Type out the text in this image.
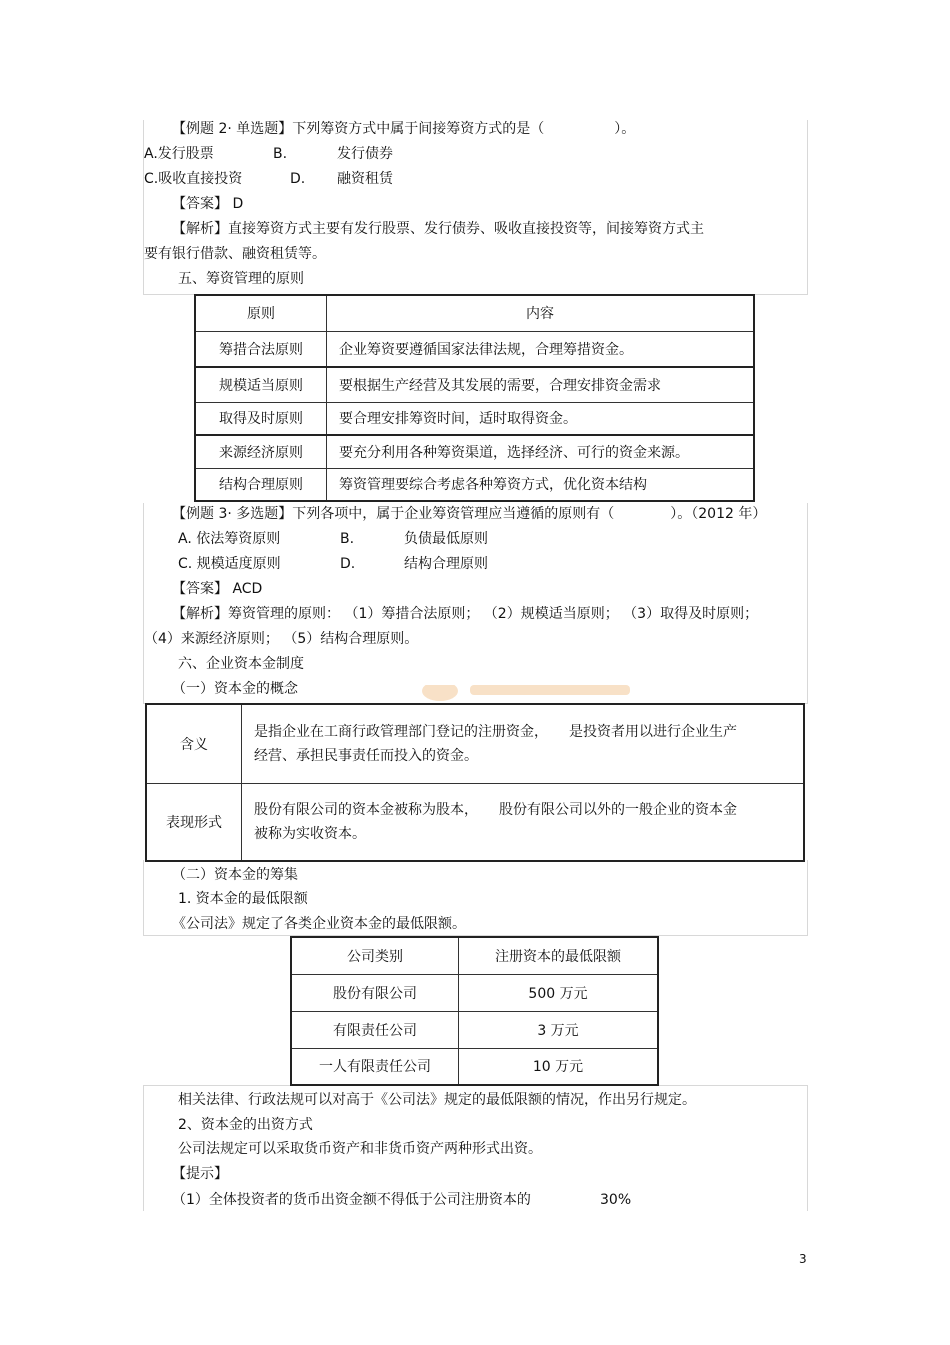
【例题 2· 单选题】下列筹资方式中属于间接筹资方式的是（　　　　　）。
A.发行股票	B.	发行债券
C.吸收直接投资	D. 融资租赁
【答案】 D
【解析】直接筹资方式主要有发行股票、发行债券、吸收直接投资等，间接筹资方式主
要有银行借款、融资租赁等。
五、筹资管理的原则
原则	内容
筹措合法原则	企业筹资要遵循国家法律法规，合理筹措资金。
规模适当原则	要根据生产经营及其发展的需要，合理安排资金需求
取得及时原则	要合理安排筹资时间，适时取得资金。
来源经济原则	要充分利用各种筹资渠道，选择经济、可行的资金来源。
结构合理原则	筹资管理要综合考虑各种筹资方式，优化资本结构
【例题 3· 多选题】下列各项中，属于企业筹资管理应当遵循的原则有（　　　　）。（2012 年）
A. 依法筹资原则	B.	负债最低原则
C. 规模适度原则	D.	结构合理原则
【答案】 ACD
【解析】筹资管理的原则： （1）筹措合法原则； （2）规模适当原则； （3）取得及时原则；
（4）来源经济原则； （5）结构合理原则。
六、企业资本金制度
（一）资本金的概念
含义	是指企业在工商行政管理部门登记的注册资金，　　是投资者用以进行企业生产
经营、承担民事责任而投入的资金。

表现形式	股份有限公司的资本金被称为股本，　　股份有限公司以外的一般企业的资本金
被称为实收资本。
（二）资本金的筹集
1. 资本金的最低限额
《公司法》规定了各类企业资本金的最低限额。
公司类别	注册资本的最低限额
股份有限公司	500 万元
有限责任公司	3 万元
一人有限责任公司	10 万元
相关法律、行政法规可以对高于《公司法》规定的最低限额的情况，作出另行规定。
2、资本金的出资方式
公司法规定可以采取货币资产和非货币资产两种形式出资。
【提示】
（1）全体投资者的货币出资金额不得低于公司注册资本的	30%
3
